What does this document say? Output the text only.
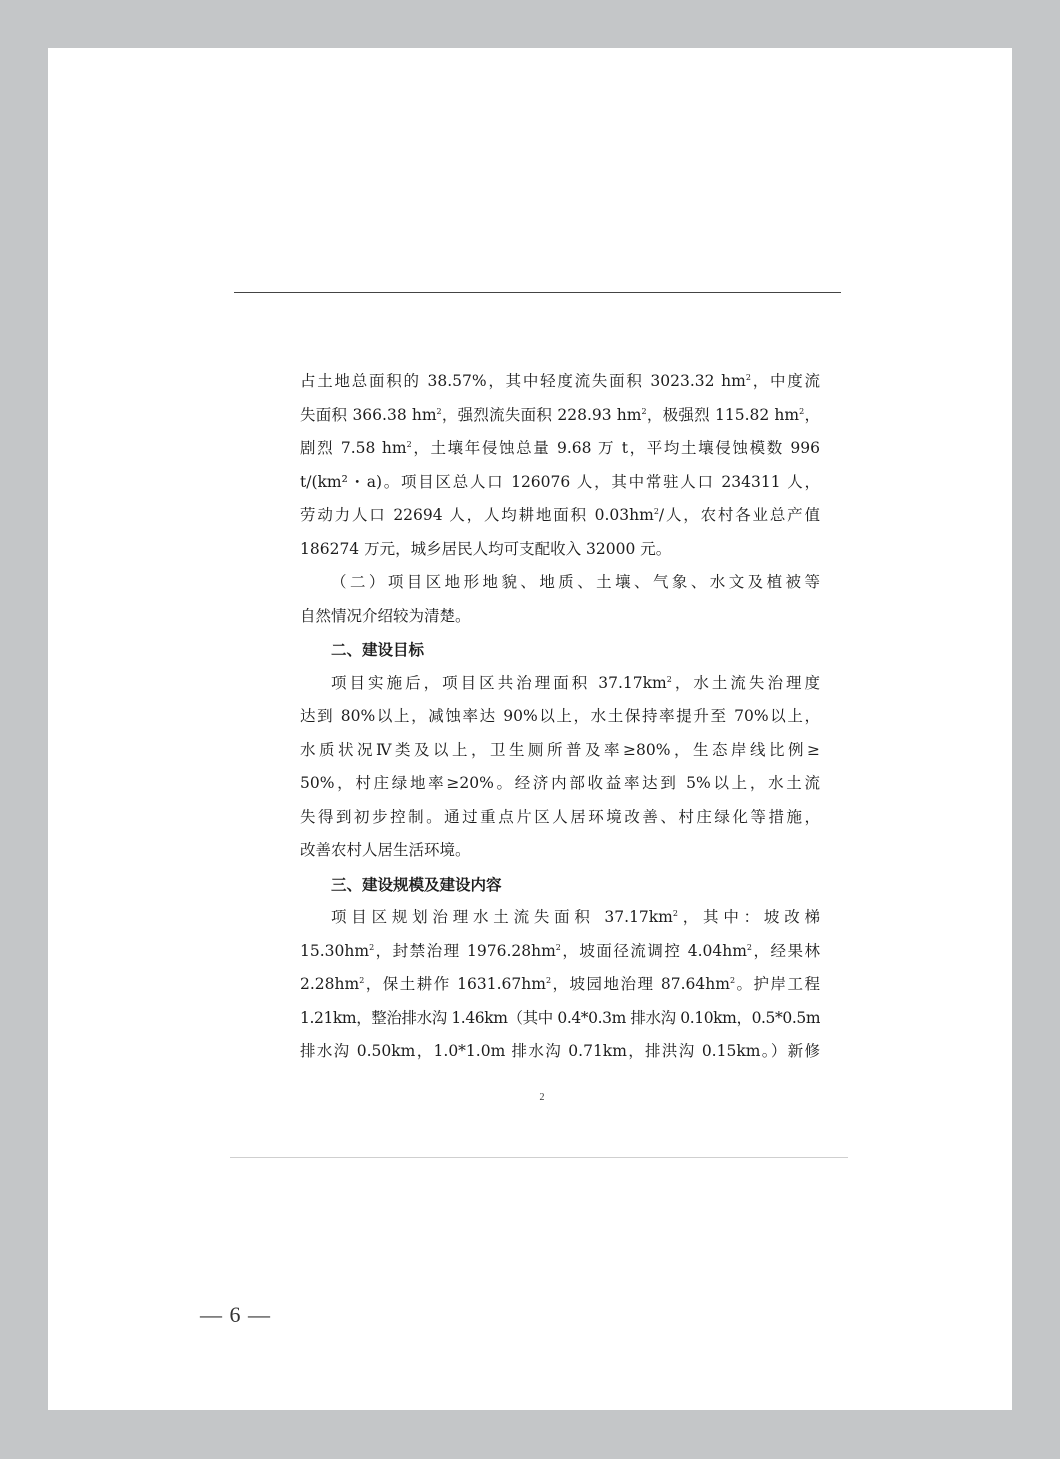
占土地总面积的 38.57%，其中轻度流失面积 3023.32 $hm^2$，中度流
失面积 366.38 $hm^2$，强烈流失面积 228.93 $hm^2$，极强烈 115.82 $hm^2$，
剧烈 7.58 $hm^2$，土壤年侵蚀总量 9.68 万 t，平均土壤侵蚀模数 996
t/(km²・a)。项目区总人口 126076 人，其中常驻人口 234311 人，
劳动力人口 22694 人，人均耕地面积 $0.03hm^2/$人，农村各业总产值
186274 万元，城乡居民人均可支配收入 32000 元。
（二）项目区地形地貌、地质、土壤、气象、水文及植被等
自然情况介绍较为清楚。
二、建设目标
项目实施后，项目区共治理面积 $37.17km^2$，水土流失治理度
达到 80%以上，减蚀率达 90%以上，水土保持率提升至 70%以上，
水质状况Ⅳ类及以上，卫生厕所普及率≥80%，生态岸线比例≥
50%，村庄绿地率≥20%。经济内部收益率达到 5%以上，水土流
失得到初步控制。通过重点片区人居环境改善、村庄绿化等措施，
改善农村人居生活环境。
三、建设规模及建设内容
项目区规划治理水土流失面积 $37.17km^2$，其中：坡改梯
$15.30hm^2$，封禁治理 $1976.28hm^2$，坡面径流调控 $4.04hm^2$，经果林
$2.28hm^2$，保土耕作 $1631.67hm^2$，坡园地治理 $87.64hm^2$。护岸工程
1.21km，整治排水沟 1.46km（其中 0.4*0.3m 排水沟 0.10km，0.5*0.5m
排水沟 0.50km，1.0*1.0m 排水沟 0.71km，排洪沟 0.15km。）新修
2
— 6 —
